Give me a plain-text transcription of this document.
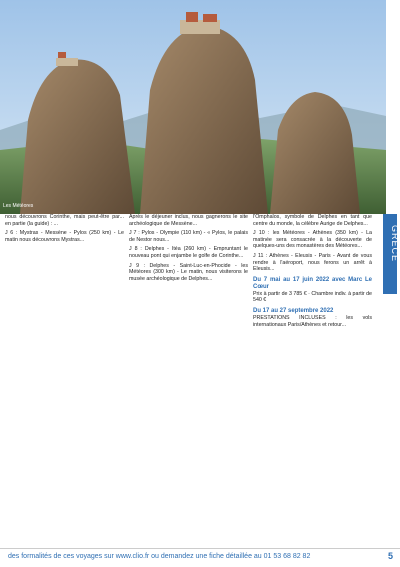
Les Météores
GRÈCE

nous découvrons Corinthe, mais peut-être par... en partie (la guide) : ...

J 6 : Mystras - Messène - Pylos (250 km) - Le matin nous découvrons Mystras...

Après le déjeuner inclus, nous gagnerons le site archéologique de Messène...

J 7 : Pylos - Olympie (110 km) - « Pylos, le palais de Nestor nous...

J 8 : Delphes - Itéa (260 km) - Empruntant le nouveau pont qui enjambe le golfe de Corinthe...

J 9 : Delphes - Saint-Luc-en-Phocide - les Météores (300 km) - Le matin, nous visiterons le musée archéologique de Delphes...

l'Omphalos, symbole de Delphes en tant que centre du monde, la célèbre Aurige de Delphes...

J 10 : les Météores - Athènes (350 km) - La matinée sera consacrée à la découverte de quelques-uns des monastères des Météores...

J 11 : Athènes - Eleusis - Paris - Avant de vous rendre à l'aéroport, nous ferons un arrêt à Eleusis...

Du 7 mai au 17 juin 2022 avec Marc Le Cœur
Prix à partir de 3 785 € · Chambre indiv. à partir de 540 €
Du 17 au 27 septembre 2022
PRESTATIONS INCLUSES : les vols internationaux Paris/Athènes et retour...
des formalités de ces voyages sur www.clio.fr ou demandez une fiche détaillée au 01 53 68 82 82	5
